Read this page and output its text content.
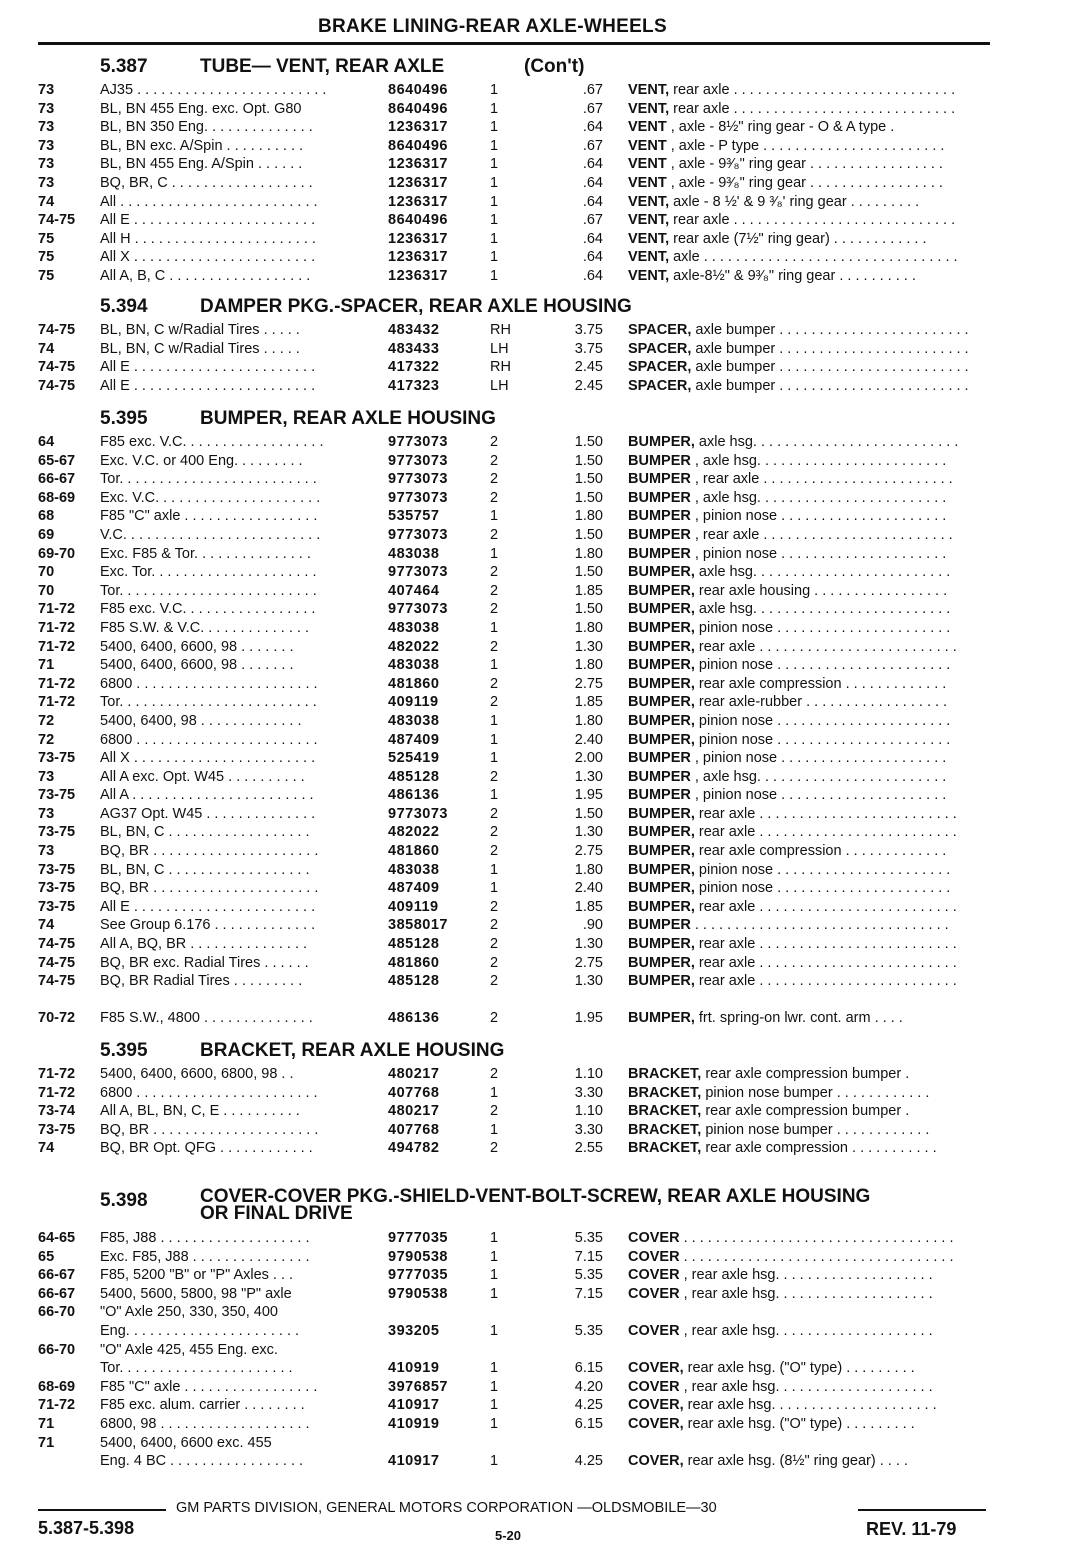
BRAKE LINING-REAR AXLE-WHEELS
5.387	TUBE— VENT, REAR AXLE	(Con't)
73	AJ35 . . . . . . . . . . . . . . . . . . . . . . . .	8640496	1	.67 VENT, rear axle . . . . . . . . . . . . . . . . . . . . . . . . . . . .
73	BL, BN 455 Eng. exc. Opt. G80	8640496	1	.67 VENT, rear axle . . . . . . . . . . . . . . . . . . . . . . . . . . . .
73	BL, BN 350 Eng. . . . . . . . . . . . . .	1236317	1	.64 VENT , axle - 8½" ring gear - O & A type .
73	BL, BN exc. A/Spin . . . . . . . . . .	8640496	1	.67 VENT , axle - P type . . . . . . . . . . . . . . . . . . . . . . .
73	BL, BN 455 Eng. A/Spin . . . . . .	1236317	1	.64 VENT , axle - 9³⁄₈" ring gear . . . . . . . . . . . . . . . . .
73	BQ, BR, C . . . . . . . . . . . . . . . . . .	1236317	1	.64 VENT , axle - 9³⁄₈" ring gear . . . . . . . . . . . . . . . . .
74	All . . . . . . . . . . . . . . . . . . . . . . . . .	1236317	1	.64 VENT, axle - 8 ½' & 9 ³⁄₈' ring gear . . . . . . . . .
74-75 All E . . . . . . . . . . . . . . . . . . . . . . .	8640496	1	.67 VENT, rear axle . . . . . . . . . . . . . . . . . . . . . . . . . . . .
75	All H . . . . . . . . . . . . . . . . . . . . . . .	1236317	1	.64 VENT, rear axle (7½" ring gear) . . . . . . . . . . . .
75	All X . . . . . . . . . . . . . . . . . . . . . . .	1236317	1	.64 VENT, axle . . . . . . . . . . . . . . . . . . . . . . . . . . . . . . . .
75	All A, B, C . . . . . . . . . . . . . . . . . .	1236317	1	.64 VENT, axle-8½" & 9³⁄₈" ring gear . . . . . . . . . .
5.394	DAMPER PKG.-SPACER, REAR AXLE HOUSING
74-75 BL, BN, C w/Radial Tires . . . . .	483432	RH	3.75 SPACER, axle bumper . . . . . . . . . . . . . . . . . . . . . . . .
74	BL, BN, C w/Radial Tires . . . . .	483433	LH	3.75 SPACER, axle bumper . . . . . . . . . . . . . . . . . . . . . . . .
74-75 All E . . . . . . . . . . . . . . . . . . . . . . .	417322	RH	2.45 SPACER, axle bumper . . . . . . . . . . . . . . . . . . . . . . . .
74-75 All E . . . . . . . . . . . . . . . . . . . . . . .	417323	LH	2.45 SPACER, axle bumper . . . . . . . . . . . . . . . . . . . . . . . .
5.395	BUMPER, REAR AXLE HOUSING
64	F85 exc. V.C. . . . . . . . . . . . . . . . . .	9773073	2	1.50 BUMPER, axle hsg. . . . . . . . . . . . . . . . . . . . . . . . . .
65-67 Exc. V.C. or 400 Eng. . . . . . . . .	9773073	2	1.50 BUMPER , axle hsg. . . . . . . . . . . . . . . . . . . . . . . .
66-67 Tor. . . . . . . . . . . . . . . . . . . . . . . . .	9773073	2	1.50 BUMPER , rear axle . . . . . . . . . . . . . . . . . . . . . . . .
68-69 Exc. V.C. . . . . . . . . . . . . . . . . . . . .	9773073	2	1.50 BUMPER , axle hsg. . . . . . . . . . . . . . . . . . . . . . . .
68	F85 "C" axle . . . . . . . . . . . . . . . . .	535757	1	1.80 BUMPER , pinion nose . . . . . . . . . . . . . . . . . . . . .
69	V.C. . . . . . . . . . . . . . . . . . . . . . . . .	9773073	2	1.50 BUMPER , rear axle . . . . . . . . . . . . . . . . . . . . . . . .
69-70 Exc. F85 & Tor. . . . . . . . . . . . . . .	483038	1	1.80 BUMPER , pinion nose . . . . . . . . . . . . . . . . . . . . .
70	Exc. Tor. . . . . . . . . . . . . . . . . . . . .	9773073	2	1.50 BUMPER, axle hsg. . . . . . . . . . . . . . . . . . . . . . . . .
70	Tor. . . . . . . . . . . . . . . . . . . . . . . . .	407464	2	1.85 BUMPER, rear axle housing . . . . . . . . . . . . . . . . .
71-72 F85 exc. V.C. . . . . . . . . . . . . . . . .	9773073	2	1.50 BUMPER, axle hsg. . . . . . . . . . . . . . . . . . . . . . . . .
71-72 F85 S.W. & V.C. . . . . . . . . . . . . .	483038	1	1.80 BUMPER, pinion nose . . . . . . . . . . . . . . . . . . . . . .
71-72 5400, 6400, 6600, 98 . . . . . . .	482022	2	1.30 BUMPER, rear axle . . . . . . . . . . . . . . . . . . . . . . . . .
71	5400, 6400, 6600, 98 . . . . . . .	483038	1	1.80 BUMPER, pinion nose . . . . . . . . . . . . . . . . . . . . . .
71-72 6800 . . . . . . . . . . . . . . . . . . . . . . .	481860	2	2.75 BUMPER, rear axle compression . . . . . . . . . . . . .
71-72 Tor. . . . . . . . . . . . . . . . . . . . . . . . .	409119	2	1.85 BUMPER, rear axle-rubber . . . . . . . . . . . . . . . . . .
72	5400, 6400, 98 . . . . . . . . . . . . .	483038	1	1.80 BUMPER, pinion nose . . . . . . . . . . . . . . . . . . . . . .
72	6800 . . . . . . . . . . . . . . . . . . . . . . .	487409	1	2.40 BUMPER, pinion nose . . . . . . . . . . . . . . . . . . . . . .
73-75 All X . . . . . . . . . . . . . . . . . . . . . . .	525419	1	2.00 BUMPER , pinion nose . . . . . . . . . . . . . . . . . . . . .
73	All A exc. Opt. W45 . . . . . . . . . .	485128	2	1.30 BUMPER , axle hsg. . . . . . . . . . . . . . . . . . . . . . . .
73-75 All A . . . . . . . . . . . . . . . . . . . . . . .	486136	1	1.95 BUMPER , pinion nose . . . . . . . . . . . . . . . . . . . . .
73	AG37 Opt. W45 . . . . . . . . . . . . . .	9773073	2	1.50 BUMPER, rear axle . . . . . . . . . . . . . . . . . . . . . . . . .
73-75 BL, BN, C . . . . . . . . . . . . . . . . . .	482022	2	1.30 BUMPER, rear axle . . . . . . . . . . . . . . . . . . . . . . . . .
73	BQ, BR . . . . . . . . . . . . . . . . . . . . .	481860	2	2.75 BUMPER, rear axle compression . . . . . . . . . . . . .
73-75 BL, BN, C . . . . . . . . . . . . . . . . . .	483038	1	1.80 BUMPER, pinion nose . . . . . . . . . . . . . . . . . . . . . .
73-75 BQ, BR . . . . . . . . . . . . . . . . . . . . .	487409	1	2.40 BUMPER, pinion nose . . . . . . . . . . . . . . . . . . . . . .
73-75 All E . . . . . . . . . . . . . . . . . . . . . . .	409119	2	1.85 BUMPER, rear axle . . . . . . . . . . . . . . . . . . . . . . . . .
74	See Group 6.176 . . . . . . . . . . . . .	3858017	2	.90 BUMPER . . . . . . . . . . . . . . . . . . . . . . . . . . . . . . . .
74-75 All A, BQ, BR . . . . . . . . . . . . . . .	485128	2	1.30 BUMPER, rear axle . . . . . . . . . . . . . . . . . . . . . . . . .
74-75 BQ, BR exc. Radial Tires . . . . . .	481860	2	2.75 BUMPER, rear axle . . . . . . . . . . . . . . . . . . . . . . . . .
74-75 BQ, BR Radial Tires . . . . . . . . .	485128	2	1.30 BUMPER, rear axle . . . . . . . . . . . . . . . . . . . . . . . . .
70-72 F85 S.W., 4800 . . . . . . . . . . . . . .	486136	2	1.95 BUMPER, frt. spring-on lwr. cont. arm . . . .
5.395	BRACKET, REAR AXLE HOUSING
71-72 5400, 6400, 6600, 6800, 98 . .	480217	2	1.10 BRACKET, rear axle compression bumper .
71-72 6800 . . . . . . . . . . . . . . . . . . . . . . .	407768	1	3.30 BRACKET, pinion nose bumper . . . . . . . . . . . .
73-74 All A, BL, BN, C, E . . . . . . . . . .	480217	2	1.10 BRACKET, rear axle compression bumper .
73-75 BQ, BR . . . . . . . . . . . . . . . . . . . . .	407768	1	3.30 BRACKET, pinion nose bumper . . . . . . . . . . . .
74	BQ, BR Opt. QFG . . . . . . . . . . . .	494782	2	2.55 BRACKET, rear axle compression . . . . . . . . . . .
5.398	COVER-COVER PKG.-SHIELD-VENT-BOLT-SCREW, REAR AXLE HOUSING
OR FINAL DRIVE
64-65 F85, J88 . . . . . . . . . . . . . . . . . . .	9777035	1	5.35 COVER . . . . . . . . . . . . . . . . . . . . . . . . . . . . . . . . . .
65	Exc. F85, J88 . . . . . . . . . . . . . . .	9790538	1	7.15 COVER . . . . . . . . . . . . . . . . . . . . . . . . . . . . . . . . . .
66-67 F85, 5200 "B" or "P" Axles . . .	9777035	1	5.35 COVER , rear axle hsg. . . . . . . . . . . . . . . . . . . .
66-67 5400, 5600, 5800, 98 "P" axle	9790538	1	7.15 COVER , rear axle hsg. . . . . . . . . . . . . . . . . . . .
66-70 "O" Axle 250, 330, 350, 400
Eng. . . . . . . . . . . . . . . . . . . . . .	393205	1	5.35 COVER , rear axle hsg. . . . . . . . . . . . . . . . . . . .
66-70 "O" Axle 425, 455 Eng. exc.
Tor. . . . . . . . . . . . . . . . . . . . . .	410919	1	6.15 COVER, rear axle hsg. ("O" type) . . . . . . . . .
68-69 F85 "C" axle . . . . . . . . . . . . . . . . .	3976857	1	4.20 COVER , rear axle hsg. . . . . . . . . . . . . . . . . . . .
71-72 F85 exc. alum. carrier . . . . . . . .	410917	1	4.25 COVER, rear axle hsg. . . . . . . . . . . . . . . . . . . . .
71	6800, 98 . . . . . . . . . . . . . . . . . . .	410919	1	6.15 COVER, rear axle hsg. ("O" type) . . . . . . . . .
71	5400, 6400, 6600 exc. 455
Eng. 4 BC . . . . . . . . . . . . . . . . .	410917	1	4.25 COVER, rear axle hsg. (8½" ring gear) . . . .
GM PARTS DIVISION, GENERAL MOTORS CORPORATION —OLDSMOBILE—30
5.387-5.398	5-20	REV. 11-79
